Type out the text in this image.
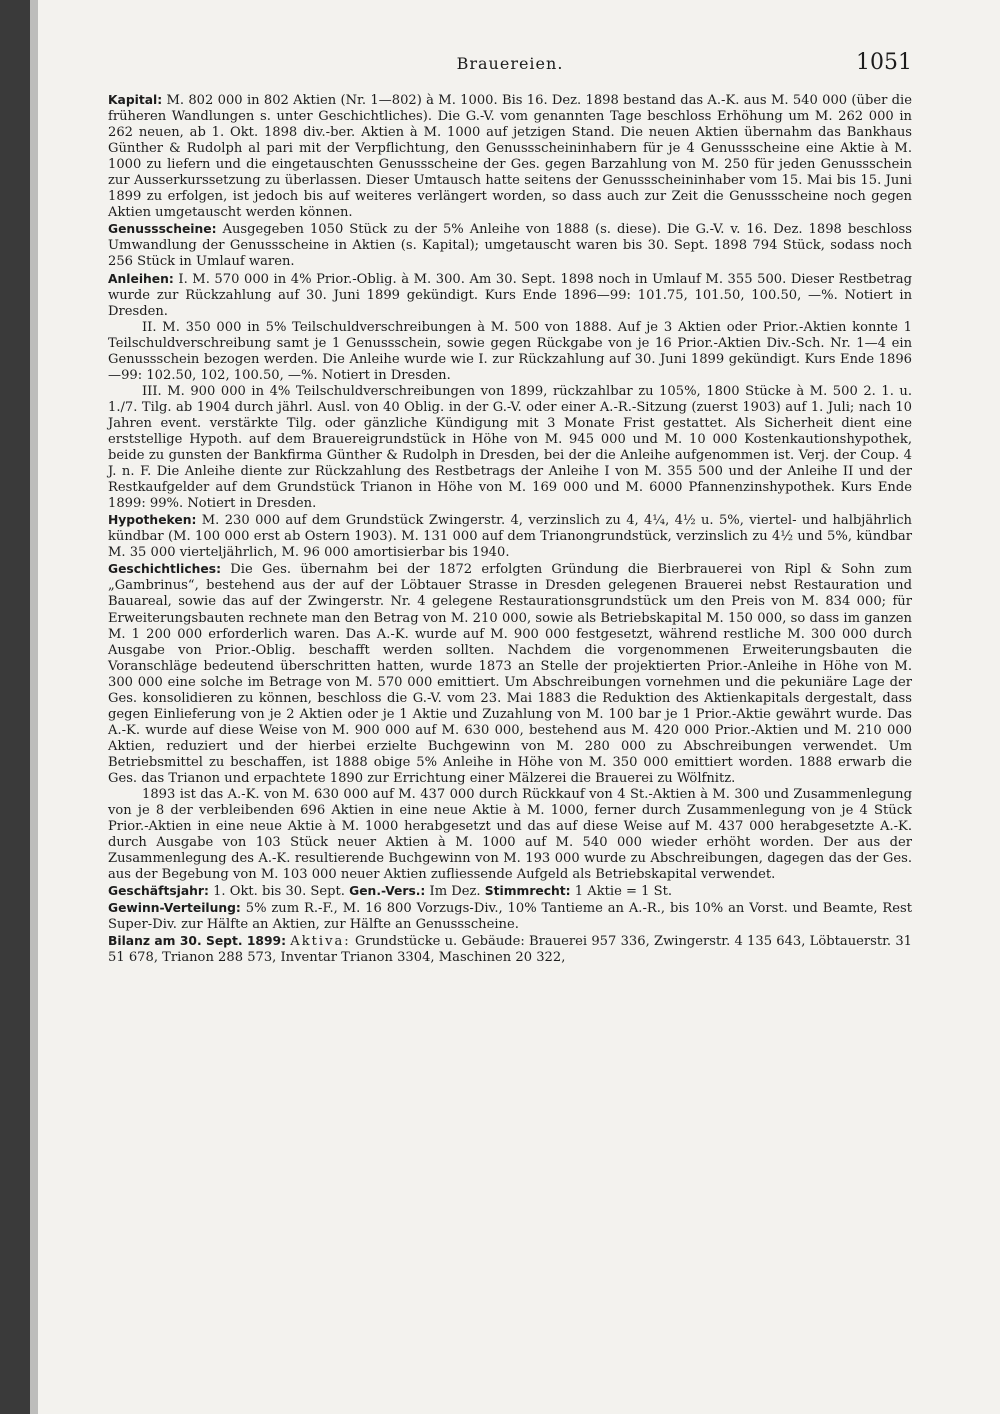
Brauereien.	1051

Kapital: M. 802 000 in 802 Aktien (Nr. 1—802) à M. 1000. Bis 16. Dez. 1898 bestand das A.-K. aus M. 540 000 (über die früheren Wandlungen s. unter Geschichtliches). Die G.-V. vom genannten Tage beschloss Erhöhung um M. 262 000 in 262 neuen, ab 1. Okt. 1898 div.-ber. Aktien à M. 1000 auf jetzigen Stand. Die neuen Aktien übernahm das Bankhaus Günther & Rudolph al pari mit der Verpflichtung, den Genussscheininhabern für je 4 Genussscheine eine Aktie à M. 1000 zu liefern und die eingetauschten Genussscheine der Ges. gegen Barzahlung von M. 250 für jeden Genussschein zur Ausserkurssetzung zu überlassen. Dieser Umtausch hatte seitens der Genussscheininhaber vom 15. Mai bis 15. Juni 1899 zu erfolgen, ist jedoch bis auf weiteres verlängert worden, so dass auch zur Zeit die Genussscheine noch gegen Aktien umgetauscht werden können.

Genussscheine: Ausgegeben 1050 Stück zu der 5% Anleihe von 1888 (s. diese). Die G.-V. v. 16. Dez. 1898 beschloss Umwandlung der Genussscheine in Aktien (s. Kapital); umgetauscht waren bis 30. Sept. 1898 794 Stück, sodass noch 256 Stück in Umlauf waren.

Anleihen: I. M. 570 000 in 4% Prior.-Oblig. à M. 300. Am 30. Sept. 1898 noch in Umlauf M. 355 500. Dieser Restbetrag wurde zur Rückzahlung auf 30. Juni 1899 gekündigt. Kurs Ende 1896—99: 101.75, 101.50, 100.50, —%. Notiert in Dresden.

II. M. 350 000 in 5% Teilschuldverschreibungen à M. 500 von 1888. Auf je 3 Aktien oder Prior.-Aktien konnte 1 Teilschuldverschreibung samt je 1 Genussschein, sowie gegen Rückgabe von je 16 Prior.-Aktien Div.-Sch. Nr. 1—4 ein Genussschein bezogen werden. Die Anleihe wurde wie I. zur Rückzahlung auf 30. Juni 1899 gekündigt. Kurs Ende 1896—99: 102.50, 102, 100.50, —%. Notiert in Dresden.

III. M. 900 000 in 4% Teilschuldverschreibungen von 1899, rückzahlbar zu 105%, 1800 Stücke à M. 500 2. 1. u. 1./7. Tilg. ab 1904 durch jährl. Ausl. von 40 Oblig. in der G.-V. oder einer A.-R.-Sitzung (zuerst 1903) auf 1. Juli; nach 10 Jahren event. verstärkte Tilg. oder gänzliche Kündigung mit 3 Monate Frist gestattet. Als Sicherheit dient eine erststellige Hypoth. auf dem Brauereigrundstück in Höhe von M. 945 000 und M. 10 000 Kostenkautionshypothek, beide zu gunsten der Bankfirma Günther & Rudolph in Dresden, bei der die Anleihe aufgenommen ist. Verj. der Coup. 4 J. n. F. Die Anleihe diente zur Rückzahlung des Restbetrags der Anleihe I von M. 355 500 und der Anleihe II und der Restkaufgelder auf dem Grundstück Trianon in Höhe von M. 169 000 und M. 6000 Pfannenzinshypothek. Kurs Ende 1899: 99%. Notiert in Dresden.

Hypotheken: M. 230 000 auf dem Grundstück Zwingerstr. 4, verzinslich zu 4, 4¼, 4½ u. 5%, viertel- und halbjährlich kündbar (M. 100 000 erst ab Ostern 1903). M. 131 000 auf dem Trianongrundstück, verzinslich zu 4½ und 5%, kündbar M. 35 000 vierteljährlich, M. 96 000 amortisierbar bis 1940.

Geschichtliches: Die Ges. übernahm bei der 1872 erfolgten Gründung die Bierbrauerei von Ripl & Sohn zum „Gambrinus“, bestehend aus der auf der Löbtauer Strasse in Dresden gelegenen Brauerei nebst Restauration und Bauareal, sowie das auf der Zwingerstr. Nr. 4 gelegene Restaurationsgrundstück um den Preis von M. 834 000; für Erweiterungsbauten rechnete man den Betrag von M. 210 000, sowie als Betriebskapital M. 150 000, so dass im ganzen M. 1 200 000 erforderlich waren. Das A.-K. wurde auf M. 900 000 festgesetzt, während restliche M. 300 000 durch Ausgabe von Prior.-Oblig. beschafft werden sollten. Nachdem die vorgenommenen Erweiterungsbauten die Voranschläge bedeutend überschritten hatten, wurde 1873 an Stelle der projektierten Prior.-Anleihe in Höhe von M. 300 000 eine solche im Betrage von M. 570 000 emittiert. Um Abschreibungen vornehmen und die pekuniäre Lage der Ges. konsolidieren zu können, beschloss die G.-V. vom 23. Mai 1883 die Reduktion des Aktienkapitals dergestalt, dass gegen Einlieferung von je 2 Aktien oder je 1 Aktie und Zuzahlung von M. 100 bar je 1 Prior.-Aktie gewährt wurde. Das A.-K. wurde auf diese Weise von M. 900 000 auf M. 630 000, bestehend aus M. 420 000 Prior.-Aktien und M. 210 000 Aktien, reduziert und der hierbei erzielte Buchgewinn von M. 280 000 zu Abschreibungen verwendet. Um Betriebsmittel zu beschaffen, ist 1888 obige 5% Anleihe in Höhe von M. 350 000 emittiert worden. 1888 erwarb die Ges. das Trianon und erpachtete 1890 zur Errichtung einer Mälzerei die Brauerei zu Wölfnitz.

1893 ist das A.-K. von M. 630 000 auf M. 437 000 durch Rückkauf von 4 St.-Aktien à M. 300 und Zusammenlegung von je 8 der verbleibenden 696 Aktien in eine neue Aktie à M. 1000, ferner durch Zusammenlegung von je 4 Stück Prior.-Aktien in eine neue Aktie à M. 1000 herabgesetzt und das auf diese Weise auf M. 437 000 herabgesetzte A.-K. durch Ausgabe von 103 Stück neuer Aktien à M. 1000 auf M. 540 000 wieder erhöht worden. Der aus der Zusammenlegung des A.-K. resultierende Buchgewinn von M. 193 000 wurde zu Abschreibungen, dagegen das der Ges. aus der Begebung von M. 103 000 neuer Aktien zufliessende Aufgeld als Betriebskapital verwendet.

Geschäftsjahr: 1. Okt. bis 30. Sept. Gen.-Vers.: Im Dez. Stimmrecht: 1 Aktie = 1 St.

Gewinn-Verteilung: 5% zum R.-F., M. 16 800 Vorzugs-Div., 10% Tantieme an A.-R., bis 10% an Vorst. und Beamte, Rest Super-Div. zur Hälfte an Aktien, zur Hälfte an Genussscheine.

Bilanz am 30. Sept. 1899: Aktiva: Grundstücke u. Gebäude: Brauerei 957 336, Zwingerstr. 4 135 643, Löbtauerstr. 31 51 678, Trianon 288 573, Inventar Trianon 3304, Maschinen 20 322,
